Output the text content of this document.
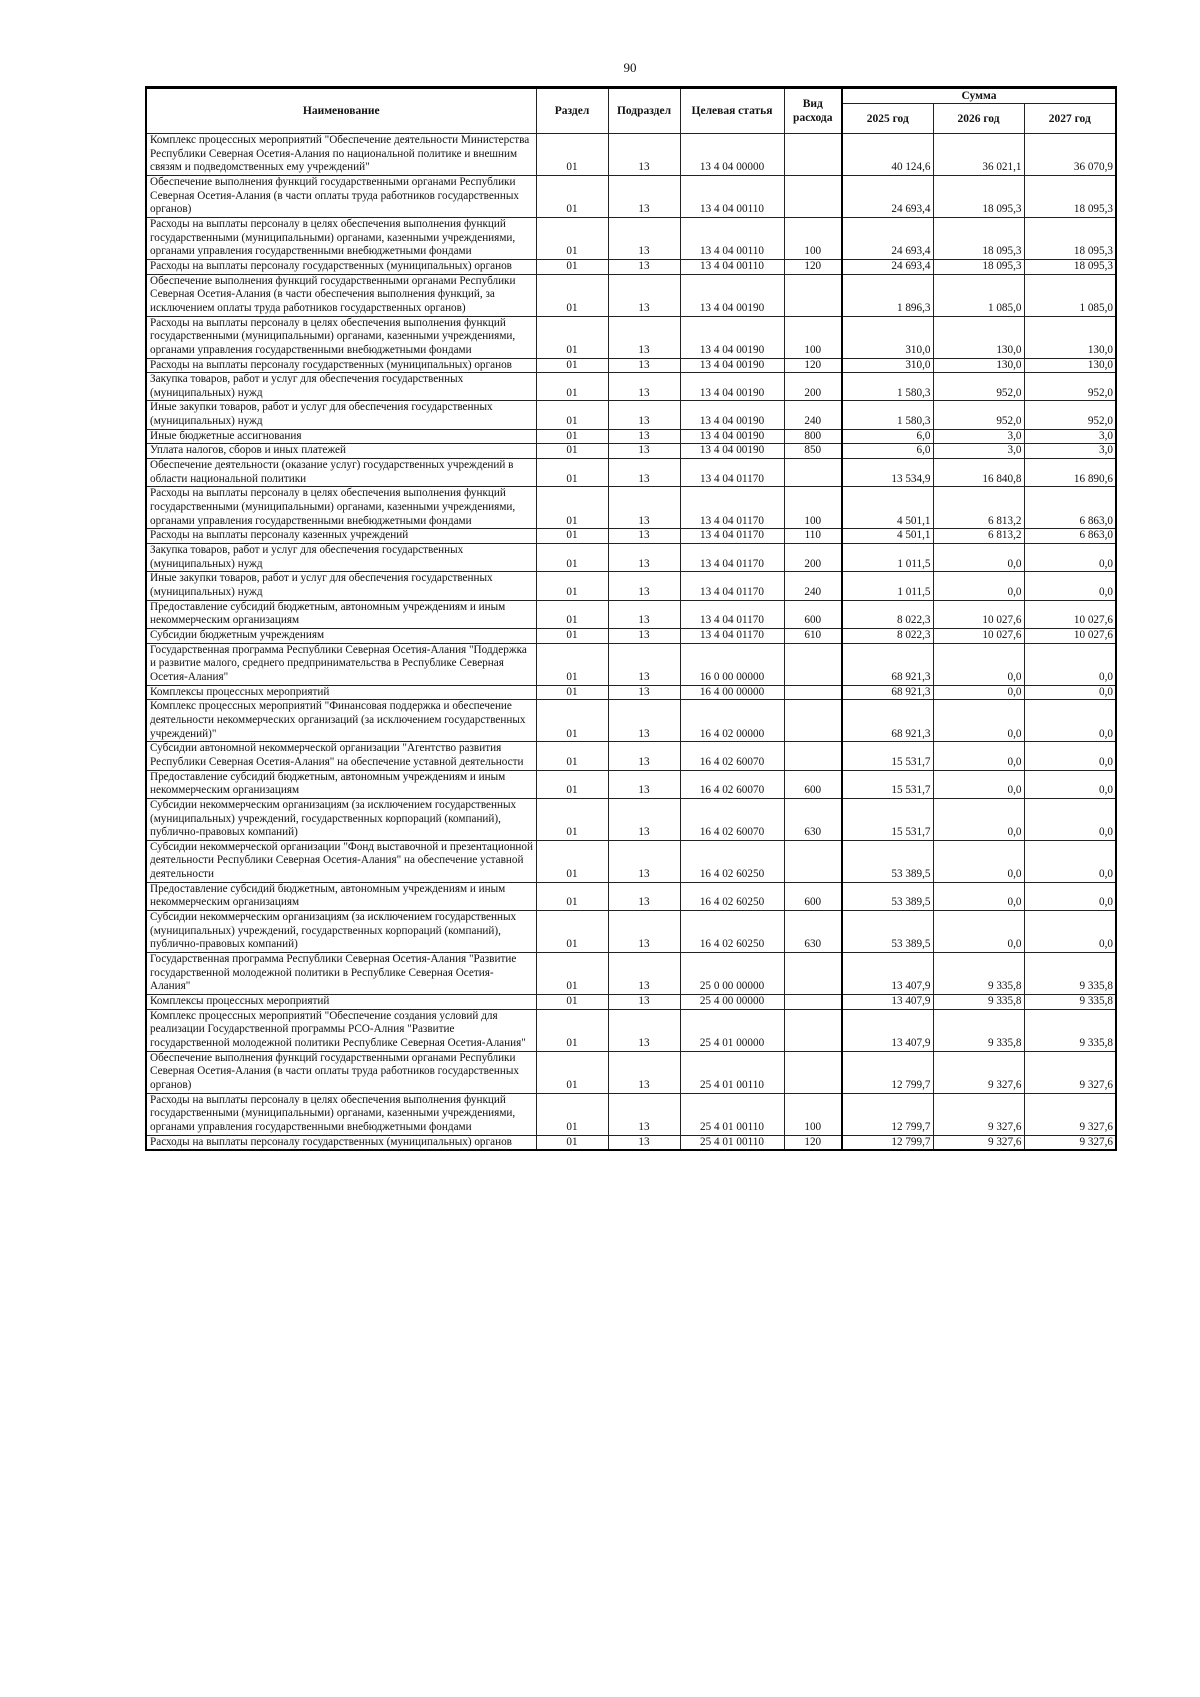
90
Наименование	Раздел	Подраздел	Целевая статья	Вид расхода	Сумма		
					2025 год	2026 год	2027 год
Комплекс процессных мероприятий "Обеспечение деятельности Министерства Республики Северная Осетия-Алания по национальной политике и внешним связям и подведомственных ему учреждений"	01	13	13 4 04 00000		40 124,6	36 021,1	36 070,9
Обеспечение выполнения функций государственными органами Республики Северная Осетия-Алания (в части оплаты труда работников государственных органов)	01	13	13 4 04 00110		24 693,4	18 095,3	18 095,3
Расходы на выплаты персоналу в целях обеспечения выполнения функций государственными (муниципальными) органами, казенными учреждениями, органами управления государственными внебюджетными фондами	01	13	13 4 04 00110	100	24 693,4	18 095,3	18 095,3
Расходы на выплаты персоналу государственных (муниципальных) органов	01	13	13 4 04 00110	120	24 693,4	18 095,3	18 095,3
Обеспечение выполнения функций государственными органами Республики Северная Осетия-Алания (в части обеспечения выполнения функций, за исключением оплаты труда работников государственных органов)	01	13	13 4 04 00190		1 896,3	1 085,0	1 085,0
Расходы на выплаты персоналу в целях обеспечения выполнения функций государственными (муниципальными) органами, казенными учреждениями, органами управления государственными внебюджетными фондами	01	13	13 4 04 00190	100	310,0	130,0	130,0
Расходы на выплаты персоналу государственных (муниципальных) органов	01	13	13 4 04 00190	120	310,0	130,0	130,0
Закупка товаров, работ и услуг для обеспечения государственных (муниципальных) нужд	01	13	13 4 04 00190	200	1 580,3	952,0	952,0
Иные закупки товаров, работ и услуг для обеспечения государственных (муниципальных) нужд	01	13	13 4 04 00190	240	1 580,3	952,0	952,0
Иные бюджетные ассигнования	01	13	13 4 04 00190	800	6,0	3,0	3,0
Уплата налогов, сборов и иных платежей	01	13	13 4 04 00190	850	6,0	3,0	3,0
Обеспечение деятельности (оказание услуг) государственных учреждений в области национальной политики	01	13	13 4 04 01170		13 534,9	16 840,8	16 890,6
Расходы на выплаты персоналу в целях обеспечения выполнения функций государственными (муниципальными) органами, казенными учреждениями, органами управления государственными внебюджетными фондами	01	13	13 4 04 01170	100	4 501,1	6 813,2	6 863,0
Расходы на выплаты персоналу казенных учреждений	01	13	13 4 04 01170	110	4 501,1	6 813,2	6 863,0
Закупка товаров, работ и услуг для обеспечения государственных (муниципальных) нужд	01	13	13 4 04 01170	200	1 011,5	0,0	0,0
Иные закупки товаров, работ и услуг для обеспечения государственных (муниципальных) нужд	01	13	13 4 04 01170	240	1 011,5	0,0	0,0
Предоставление субсидий бюджетным, автономным учреждениям и иным некоммерческим организациям	01	13	13 4 04 01170	600	8 022,3	10 027,6	10 027,6
Субсидии бюджетным учреждениям	01	13	13 4 04 01170	610	8 022,3	10 027,6	10 027,6
Государственная программа Республики Северная Осетия-Алания "Поддержка и развитие малого, среднего предпринимательства в Республике Северная Осетия-Алания"	01	13	16 0 00 00000		68 921,3	0,0	0,0
Комплексы процессных мероприятий	01	13	16 4 00 00000		68 921,3	0,0	0,0
Комплекс процессных мероприятий "Финансовая поддержка и обеспечение деятельности некоммерческих организаций (за исключением государственных учреждений)"	01	13	16 4 02 00000		68 921,3	0,0	0,0
Субсидии автономной некоммерческой организации "Агентство развития Республики Северная Осетия-Алания" на обеспечение уставной деятельности	01	13	16 4 02 60070		15 531,7	0,0	0,0
Предоставление субсидий бюджетным, автономным учреждениям и иным некоммерческим организациям	01	13	16 4 02 60070	600	15 531,7	0,0	0,0
Субсидии некоммерческим организациям (за исключением государственных (муниципальных) учреждений, государственных корпораций (компаний), публично-правовых компаний)	01	13	16 4 02 60070	630	15 531,7	0,0	0,0
Субсидии некоммерческой организации "Фонд выставочной и презентационной деятельности Республики Северная Осетия-Алания" на обеспечение уставной деятельности	01	13	16 4 02 60250		53 389,5	0,0	0,0
Предоставление субсидий бюджетным, автономным учреждениям и иным некоммерческим организациям	01	13	16 4 02 60250	600	53 389,5	0,0	0,0
Субсидии некоммерческим организациям (за исключением государственных (муниципальных) учреждений, государственных корпораций (компаний), публично-правовых компаний)	01	13	16 4 02 60250	630	53 389,5	0,0	0,0
Государственная программа Республики Северная Осетия-Алания "Развитие государственной молодежной политики в Республике Северная Осетия-Алания"	01	13	25 0 00 00000		13 407,9	9 335,8	9 335,8
Комплексы процессных мероприятий	01	13	25 4 00 00000		13 407,9	9 335,8	9 335,8
Комплекс процессных мероприятий "Обеспечение создания условий для реализации Государственной программы РСО-Алния "Развитие государственной молодежной политики Республике Северная Осетия-Алания"	01	13	25 4 01 00000		13 407,9	9 335,8	9 335,8
Обеспечение выполнения функций государственными органами Республики Северная Осетия-Алания (в части оплаты труда работников государственных органов)	01	13	25 4 01 00110		12 799,7	9 327,6	9 327,6
Расходы на выплаты персоналу в целях обеспечения выполнения функций государственными (муниципальными) органами, казенными учреждениями, органами управления государственными внебюджетными фондами	01	13	25 4 01 00110	100	12 799,7	9 327,6	9 327,6
Расходы на выплаты персоналу государственных (муниципальных) органов	01	13	25 4 01 00110	120	12 799,7	9 327,6	9 327,6
